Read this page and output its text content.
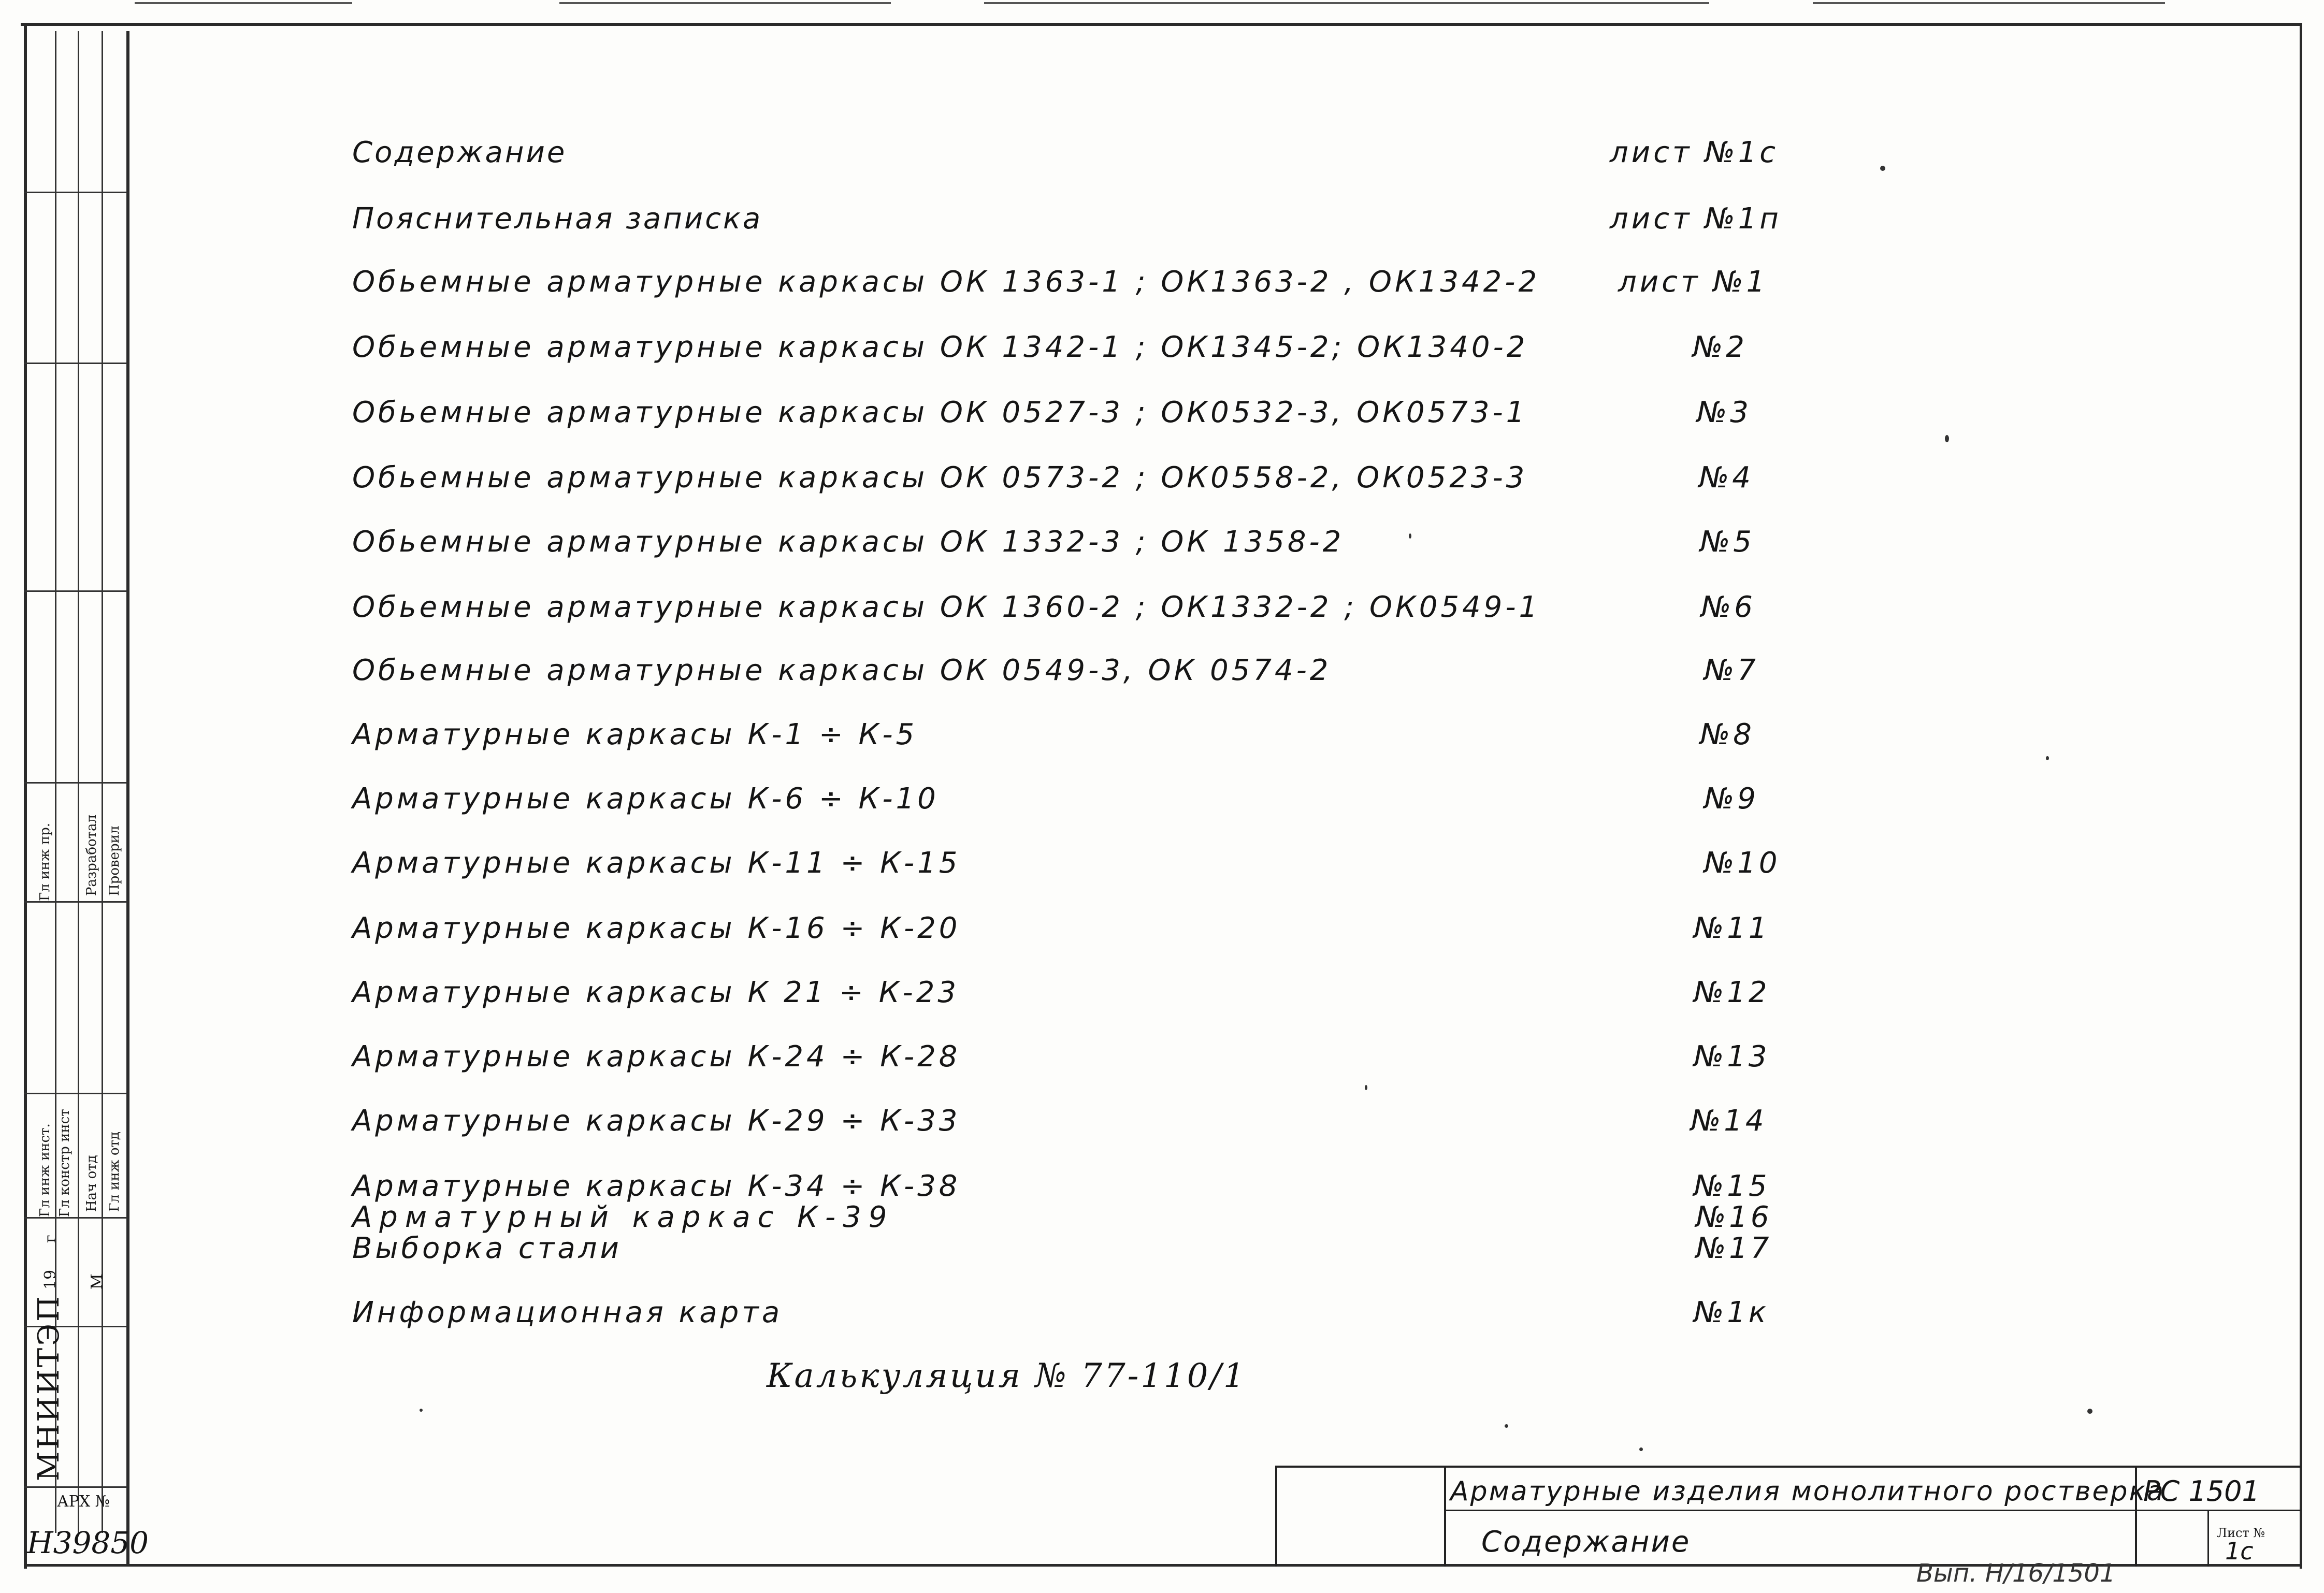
Гл инж пр. Разработал Проверил
Гл инж инст. Гл констр инст Нач отд Гл инж отд
19
г
М
МНИИТЭП
АРХ №
Н39850
Содержание	лист №1с
Пояснительная записка	лист №1п
Обьемные арматурные каркасы ОК 1363-1 ; ОК1363-2 , ОК1342-2	лист №1
Обьемные арматурные каркасы ОК 1342-1 ; ОК1345-2; ОК1340-2	№2
Обьемные арматурные каркасы ОК 0527-3 ; ОК0532-3, ОК0573-1	№3
Обьемные арматурные каркасы ОК 0573-2 ; ОК0558-2, ОК0523-3	№4
Обьемные арматурные каркасы ОК 1332-3 ; ОК 1358-2	№5
Обьемные арматурные каркасы ОК 1360-2 ; ОК1332-2 ; ОК0549-1	№6
Обьемные арматурные каркасы ОК 0549-3, ОК 0574-2	№7
Арматурные каркасы К-1 ÷ К-5	№8
Арматурные каркасы К-6 ÷ К-10	№9
Арматурные каркасы К-11 ÷ К-15	№10
Арматурные каркасы К-16 ÷ К-20	№11
Арматурные каркасы К 21 ÷ К-23	№12
Арматурные каркасы К-24 ÷ К-28	№13
Арматурные каркасы К-29 ÷ К-33	№14
Арматурные каркасы К-34 ÷ К-38	№15
Арматурный каркас К-39	№16
Выборка стали	№17
Информационная карта	№1к
Калькуляция № 77-110/1
Арматурные изделия монолитного ростверка
Содержание
РС 1501
Лист №
1с
Вып. Н/16/1501
